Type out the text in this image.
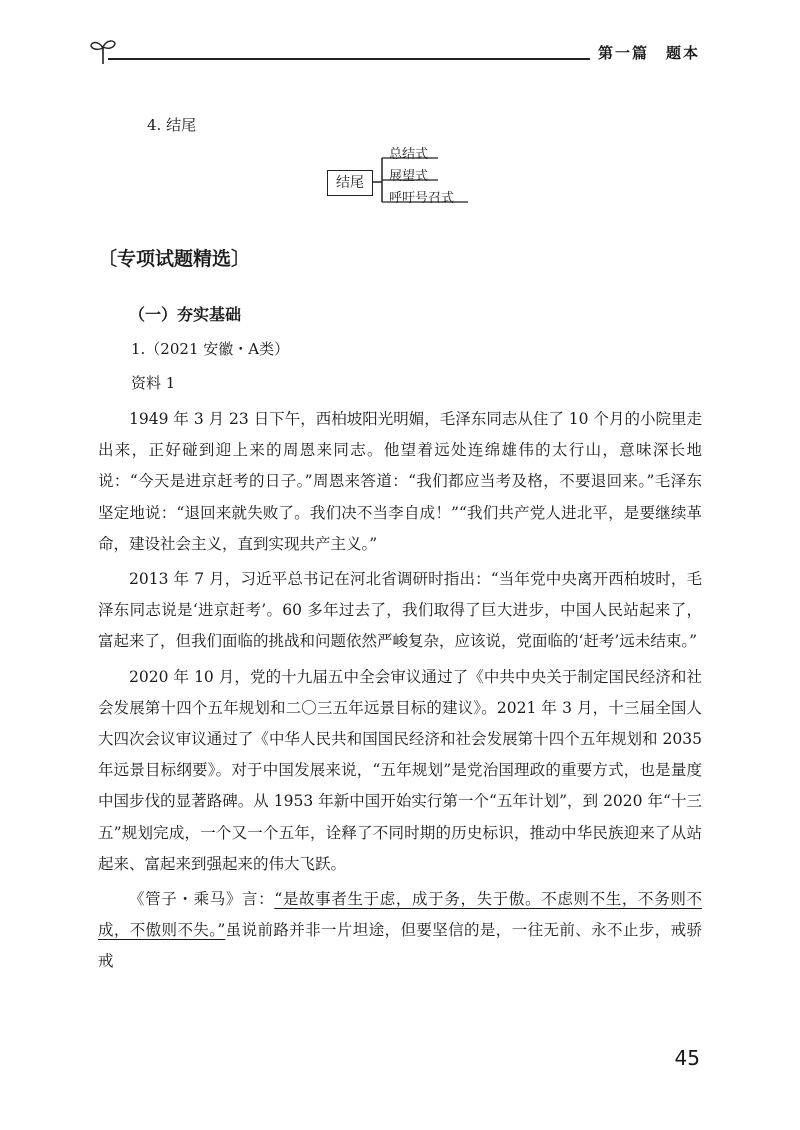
第一篇　题本
4. 结尾
结尾
总结式
展望式
呼吁号召式
〔专项试题精选〕
（一）夯实基础
1.（2021 安徽・A类）
资料 1

1949 年 3 月 23 日下午，西柏坡阳光明媚，毛泽东同志从住了 10 个月的小院里走出来，正好碰到迎上来的周恩来同志。他望着远处连绵雄伟的太行山，意味深长地说：“今天是进京赶考的日子。”周恩来答道：“我们都应当考及格，不要退回来。”毛泽东坚定地说：“退回来就失败了。我们决不当李自成！”“我们共产党人进北平，是要继续革命，建设社会主义，直到实现共产主义。”

2013 年 7 月，习近平总书记在河北省调研时指出：“当年党中央离开西柏坡时，毛泽东同志说是‘进京赶考’。60 多年过去了，我们取得了巨大进步，中国人民站起来了，富起来了，但我们面临的挑战和问题依然严峻复杂，应该说，党面临的‘赶考’远未结束。”

2020 年 10 月，党的十九届五中全会审议通过了《中共中央关于制定国民经济和社会发展第十四个五年规划和二〇三五年远景目标的建议》。2021 年 3 月，十三届全国人大四次会议审议通过了《中华人民共和国国民经济和社会发展第十四个五年规划和 2035 年远景目标纲要》。对于中国发展来说，“五年规划”是党治国理政的重要方式，也是量度中国步伐的显著路碑。从 1953 年新中国开始实行第一个“五年计划”，到 2020 年“十三五”规划完成，一个又一个五年，诠释了不同时期的历史标识，推动中华民族迎来了从站起来、富起来到强起来的伟大飞跃。

《管子・乘马》言：“是故事者生于虑，成于务，失于傲。不虑则不生，不务则不成，不傲则不失。”虽说前路并非一片坦途，但要坚信的是，一往无前、永不止步，戒骄戒

45
